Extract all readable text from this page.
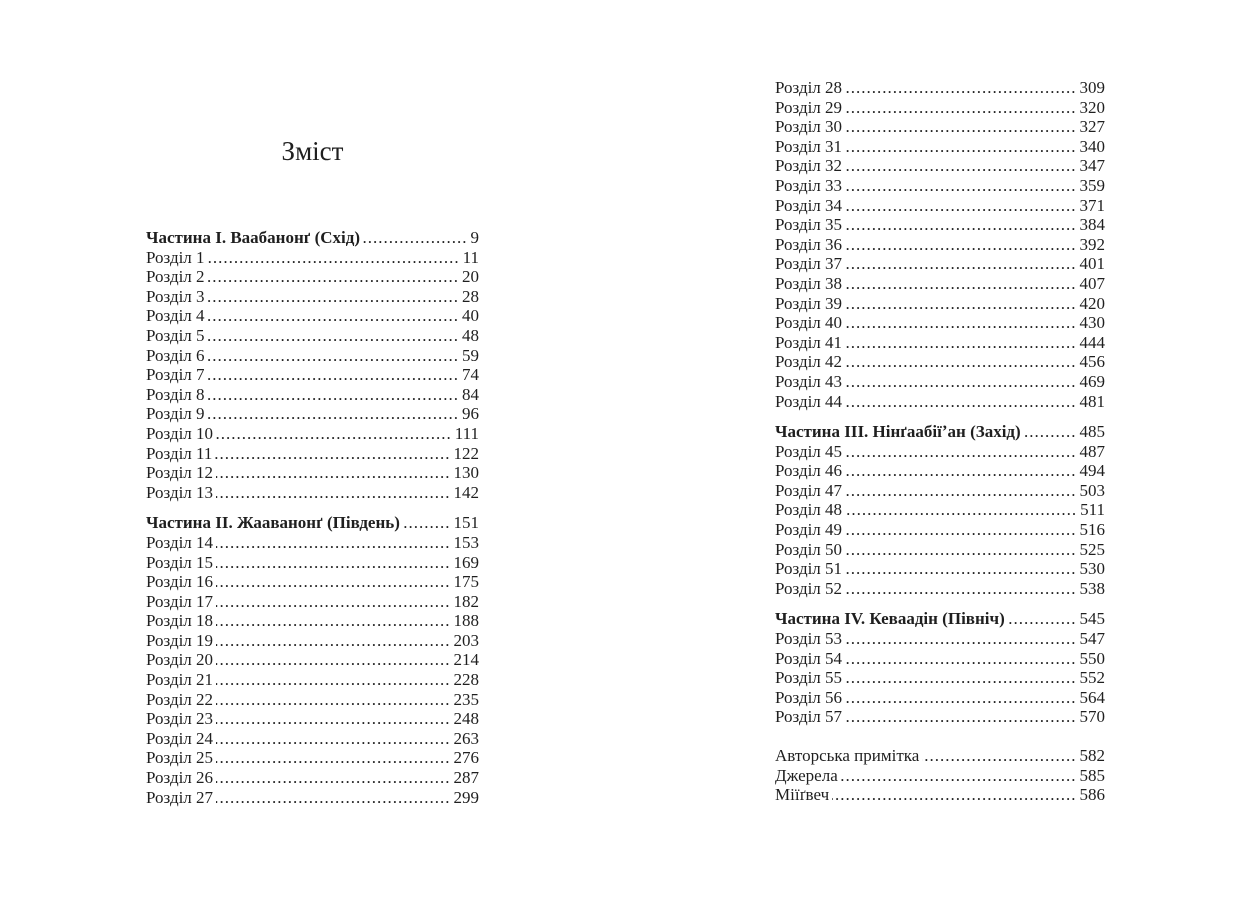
Зміст
Частина I. Ваабанонґ (Схід) .....	9
Розділ 1 .....	11
Розділ 2 .....	20
Розділ 3 .....	28
Розділ 4 .....	40
Розділ 5 .....	48
Розділ 6 .....	59
Розділ 7 .....	74
Розділ 8 .....	84
Розділ 9 .....	96
Розділ 10 .....	111
Розділ 11 .....	122
Розділ 12 .....	130
Розділ 13 .....	142
Частина II. Жааванонґ (Південь) .....	151
Розділ 14 .....	153
Розділ 15 .....	169
Розділ 16 .....	175
Розділ 17 .....	182
Розділ 18 .....	188
Розділ 19 .....	203
Розділ 20 .....	214
Розділ 21 .....	228
Розділ 22 .....	235
Розділ 23 .....	248
Розділ 24 .....	263
Розділ 25 .....	276
Розділ 26 .....	287
Розділ 27 .....	299
Розділ 28 .....	309
Розділ 29 .....	320
Розділ 30 .....	327
Розділ 31 .....	340
Розділ 32 .....	347
Розділ 33 .....	359
Розділ 34 .....	371
Розділ 35 .....	384
Розділ 36 .....	392
Розділ 37 .....	401
Розділ 38 .....	407
Розділ 39 .....	420
Розділ 40 .....	430
Розділ 41 .....	444
Розділ 42 .....	456
Розділ 43 .....	469
Розділ 44 .....	481
Частина III. Нінґаабіїʼан (Захід) .....	485
Розділ 45 .....	487
Розділ 46 .....	494
Розділ 47 .....	503
Розділ 48 .....	511
Розділ 49 .....	516
Розділ 50 .....	525
Розділ 51 .....	530
Розділ 52 .....	538
Частина IV. Кеваадін (Північ) .....	545
Розділ 53 .....	547
Розділ 54 .....	550
Розділ 55 .....	552
Розділ 56 .....	564
Розділ 57 .....	570
Авторська примітка .....	582
Джерела .....	585
Міїґвеч .....	586
